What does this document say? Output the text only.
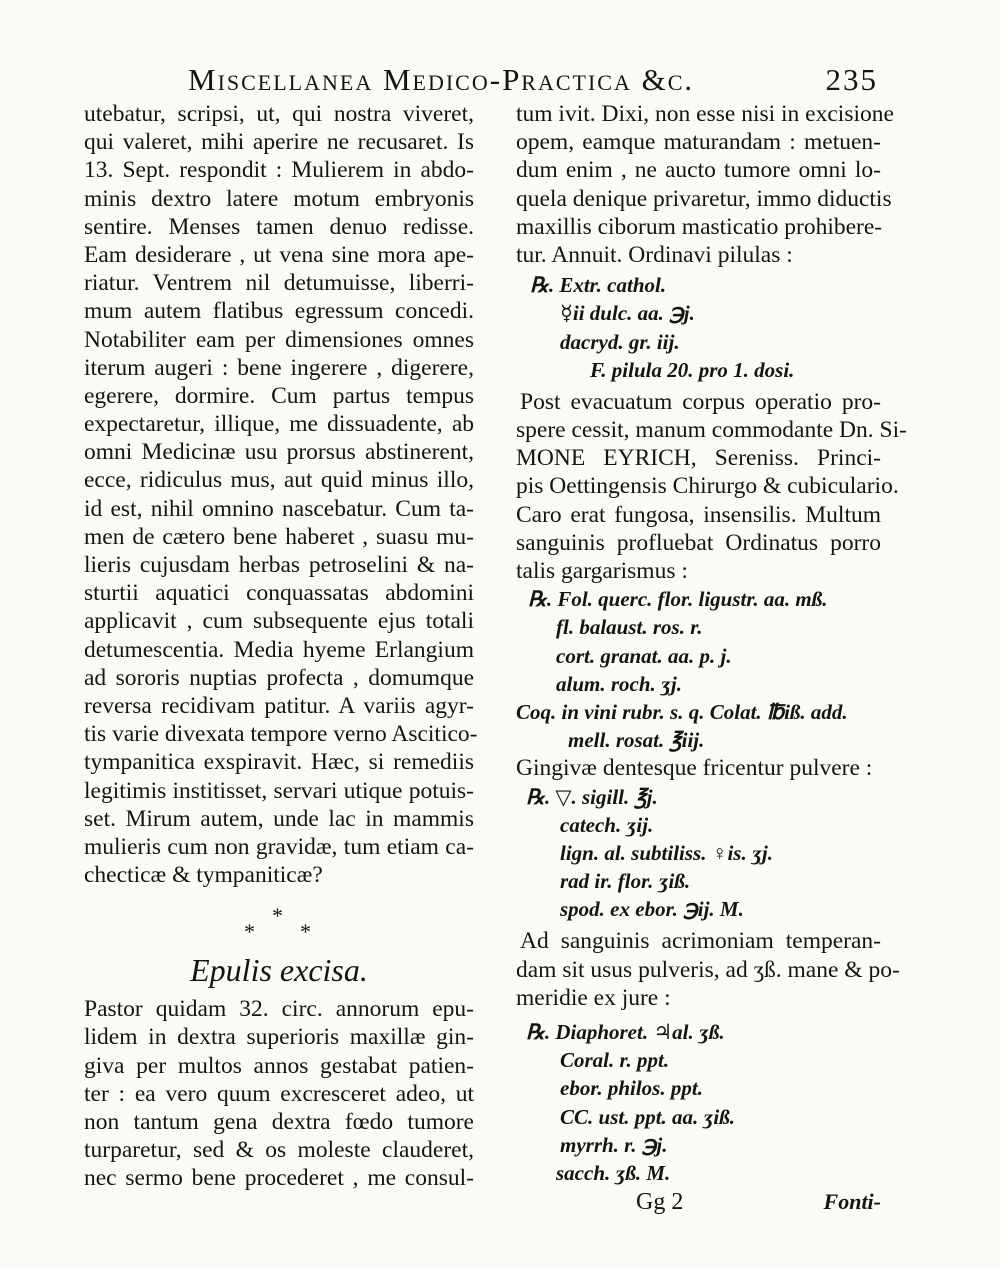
Miscellanea Medico-Practica &c.	235
utebatur, scripsi, ut, qui nostra viveret,
qui valeret, mihi aperire ne recusaret. Is
13. Sept. respondit : Mulierem in abdo-
minis dextro latere motum embryonis
sentire. Menses tamen denuo redisse.
Eam desiderare , ut vena sine mora ape-
riatur. Ventrem nil detumuisse, liberri-
mum autem flatibus egressum concedi.
Notabiliter eam per dimensiones omnes
iterum augeri : bene ingerere , digerere,
egerere, dormire. Cum partus tempus
expectaretur, illique, me dissuadente, ab
omni Medicinæ usu prorsus abstinerent,
ecce, ridiculus mus, aut quid minus illo,
id est, nihil omnino nascebatur. Cum ta-
men de cætero bene haberet , suasu mu-
lieris cujusdam herbas petroselini & na-
sturtii aquatici conquassatas abdomini
applicavit , cum subsequente ejus totali
detumescentia. Media hyeme Erlangium
ad sororis nuptias profecta , domumque
reversa recidivam patitur. A variis agyr-
tis varie divexata tempore verno Ascitico-
tympanitica exspiravit. Hæc, si remediis
legitimis institisset, servari utique potuis-
set. Mirum autem, unde lac in mammis
mulieris cum non gravidæ, tum etiam ca-
checticæ & tympaniticæ?
*
* *
Epulis excisa.
Pastor quidam 32. circ. annorum epu-
lidem in dextra superioris maxillæ gin-
giva per multos annos gestabat patien-
ter : ea vero quum excresceret adeo, ut
non tantum gena dextra fœdo tumore
turparetur, sed & os moleste clauderet,
nec sermo bene procederet , me consul-
tum ivit. Dixi, non esse nisi in excisione
opem, eamque maturandam : metuen-
dum enim , ne aucto tumore omni lo-
quela denique privaretur, immo diductis
maxillis ciborum masticatio prohibere-
tur. Annuit. Ordinavi pilulas :
℞. Extr. cathol.
☿ii dulc. aa. ℈j.
dacryd. gr. iij.
F. pilula 20. pro 1. dosi.
Post evacuatum corpus operatio pro-
spere cessit, manum commodante Dn. Si-
MONE EYRICH, Sereniss. Princi-
pis Oettingensis Chirurgo & cubiculario.
Caro erat fungosa, insensilis. Multum
sanguinis profluebat Ordinatus porro
talis gargarismus :
℞. Fol. querc. flor. ligustr. aa. mß.
fl. balaust. ros. r.
cort. granat. aa. p. j.
alum. roch. ʒj.
Coq. in vini rubr. s. q. Colat. ℔iß. add.
mell. rosat. ℥iij.
Gingivæ dentesque fricentur pulvere :
℞. ▽. sigill. ℥j.
catech. ʒij.
lign. al. subtiliss. ♀is. ʒj.
rad ir. flor. ʒiß.
spod. ex ebor. ℈ij. M.
Ad sanguinis acrimoniam temperan-
dam sit usus pulveris, ad ʒß. mane & po-
meridie ex jure :
℞. Diaphoret. ♃al. ʒß.
Coral. r. ppt.
ebor. philos. ppt.
CC. ust. ppt. aa. ʒiß.
myrrh. r. ℈j.
sacch. ʒß. M.
Gg 2	Fonti-
